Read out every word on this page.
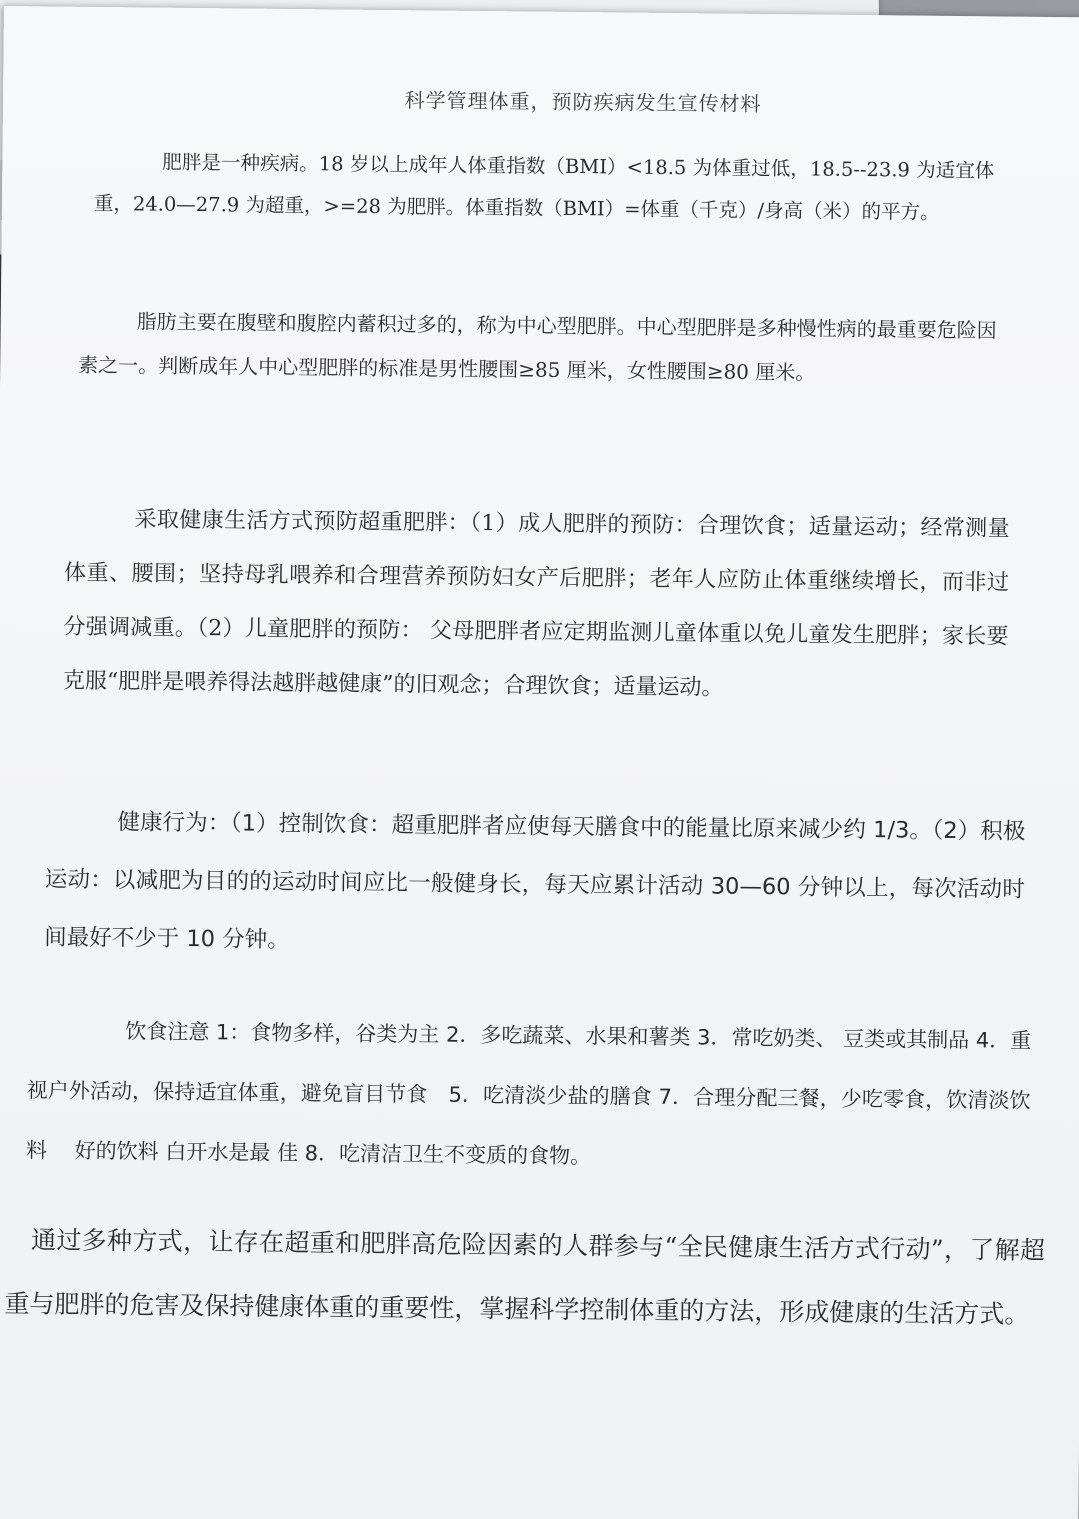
科学管理体重，预防疾病发生宣传材料

肥胖是一种疾病。18 岁以上成年人体重指数（BMI）<18.5 为体重过低，18.5--23.9 为适宜体重，24.0—27.9 为超重，>=28 为肥胖。体重指数（BMI）=体重（千克）/身高（米）的平方。

脂肪主要在腹壁和腹腔内蓄积过多的，称为中心型肥胖。中心型肥胖是多种慢性病的最重要危险因素之一。判断成年人中心型肥胖的标准是男性腰围≥85 厘米，女性腰围≥80 厘米。

采取健康生活方式预防超重肥胖：（1）成人肥胖的预防：合理饮食；适量运动；经常测量体重、腰围；坚持母乳喂养和合理营养预防妇女产后肥胖；老年人应防止体重继续增长，而非过分强调减重。（2）儿童肥胖的预防： 父母肥胖者应定期监测儿童体重以免儿童发生肥胖；家长要克服“肥胖是喂养得法越胖越健康”的旧观念；合理饮食；适量运动。

健康行为：（1）控制饮食：超重肥胖者应使每天膳食中的能量比原来减少约 1/3。（2）积极运动：以减肥为目的的运动时间应比一般健身长，每天应累计活动 30—60 分钟以上，每次活动时间最好不少于 10 分钟。

饮食注意 1：食物多样，谷类为主 2．多吃蔬菜、水果和薯类 3．常吃奶类、 豆类或其制品 4．重视户外活动，保持适宜体重，避免盲目节食　5．吃清淡少盐的膳食 7．合理分配三餐，少吃零食，饮清淡饮料　 好的饮料 白开水是最 佳 8．吃清洁卫生不变质的食物。

通过多种方式，让存在超重和肥胖高危险因素的人群参与“全民健康生活方式行动”，了解超重与肥胖的危害及保持健康体重的重要性，掌握科学控制体重的方法，形成健康的生活方式。
